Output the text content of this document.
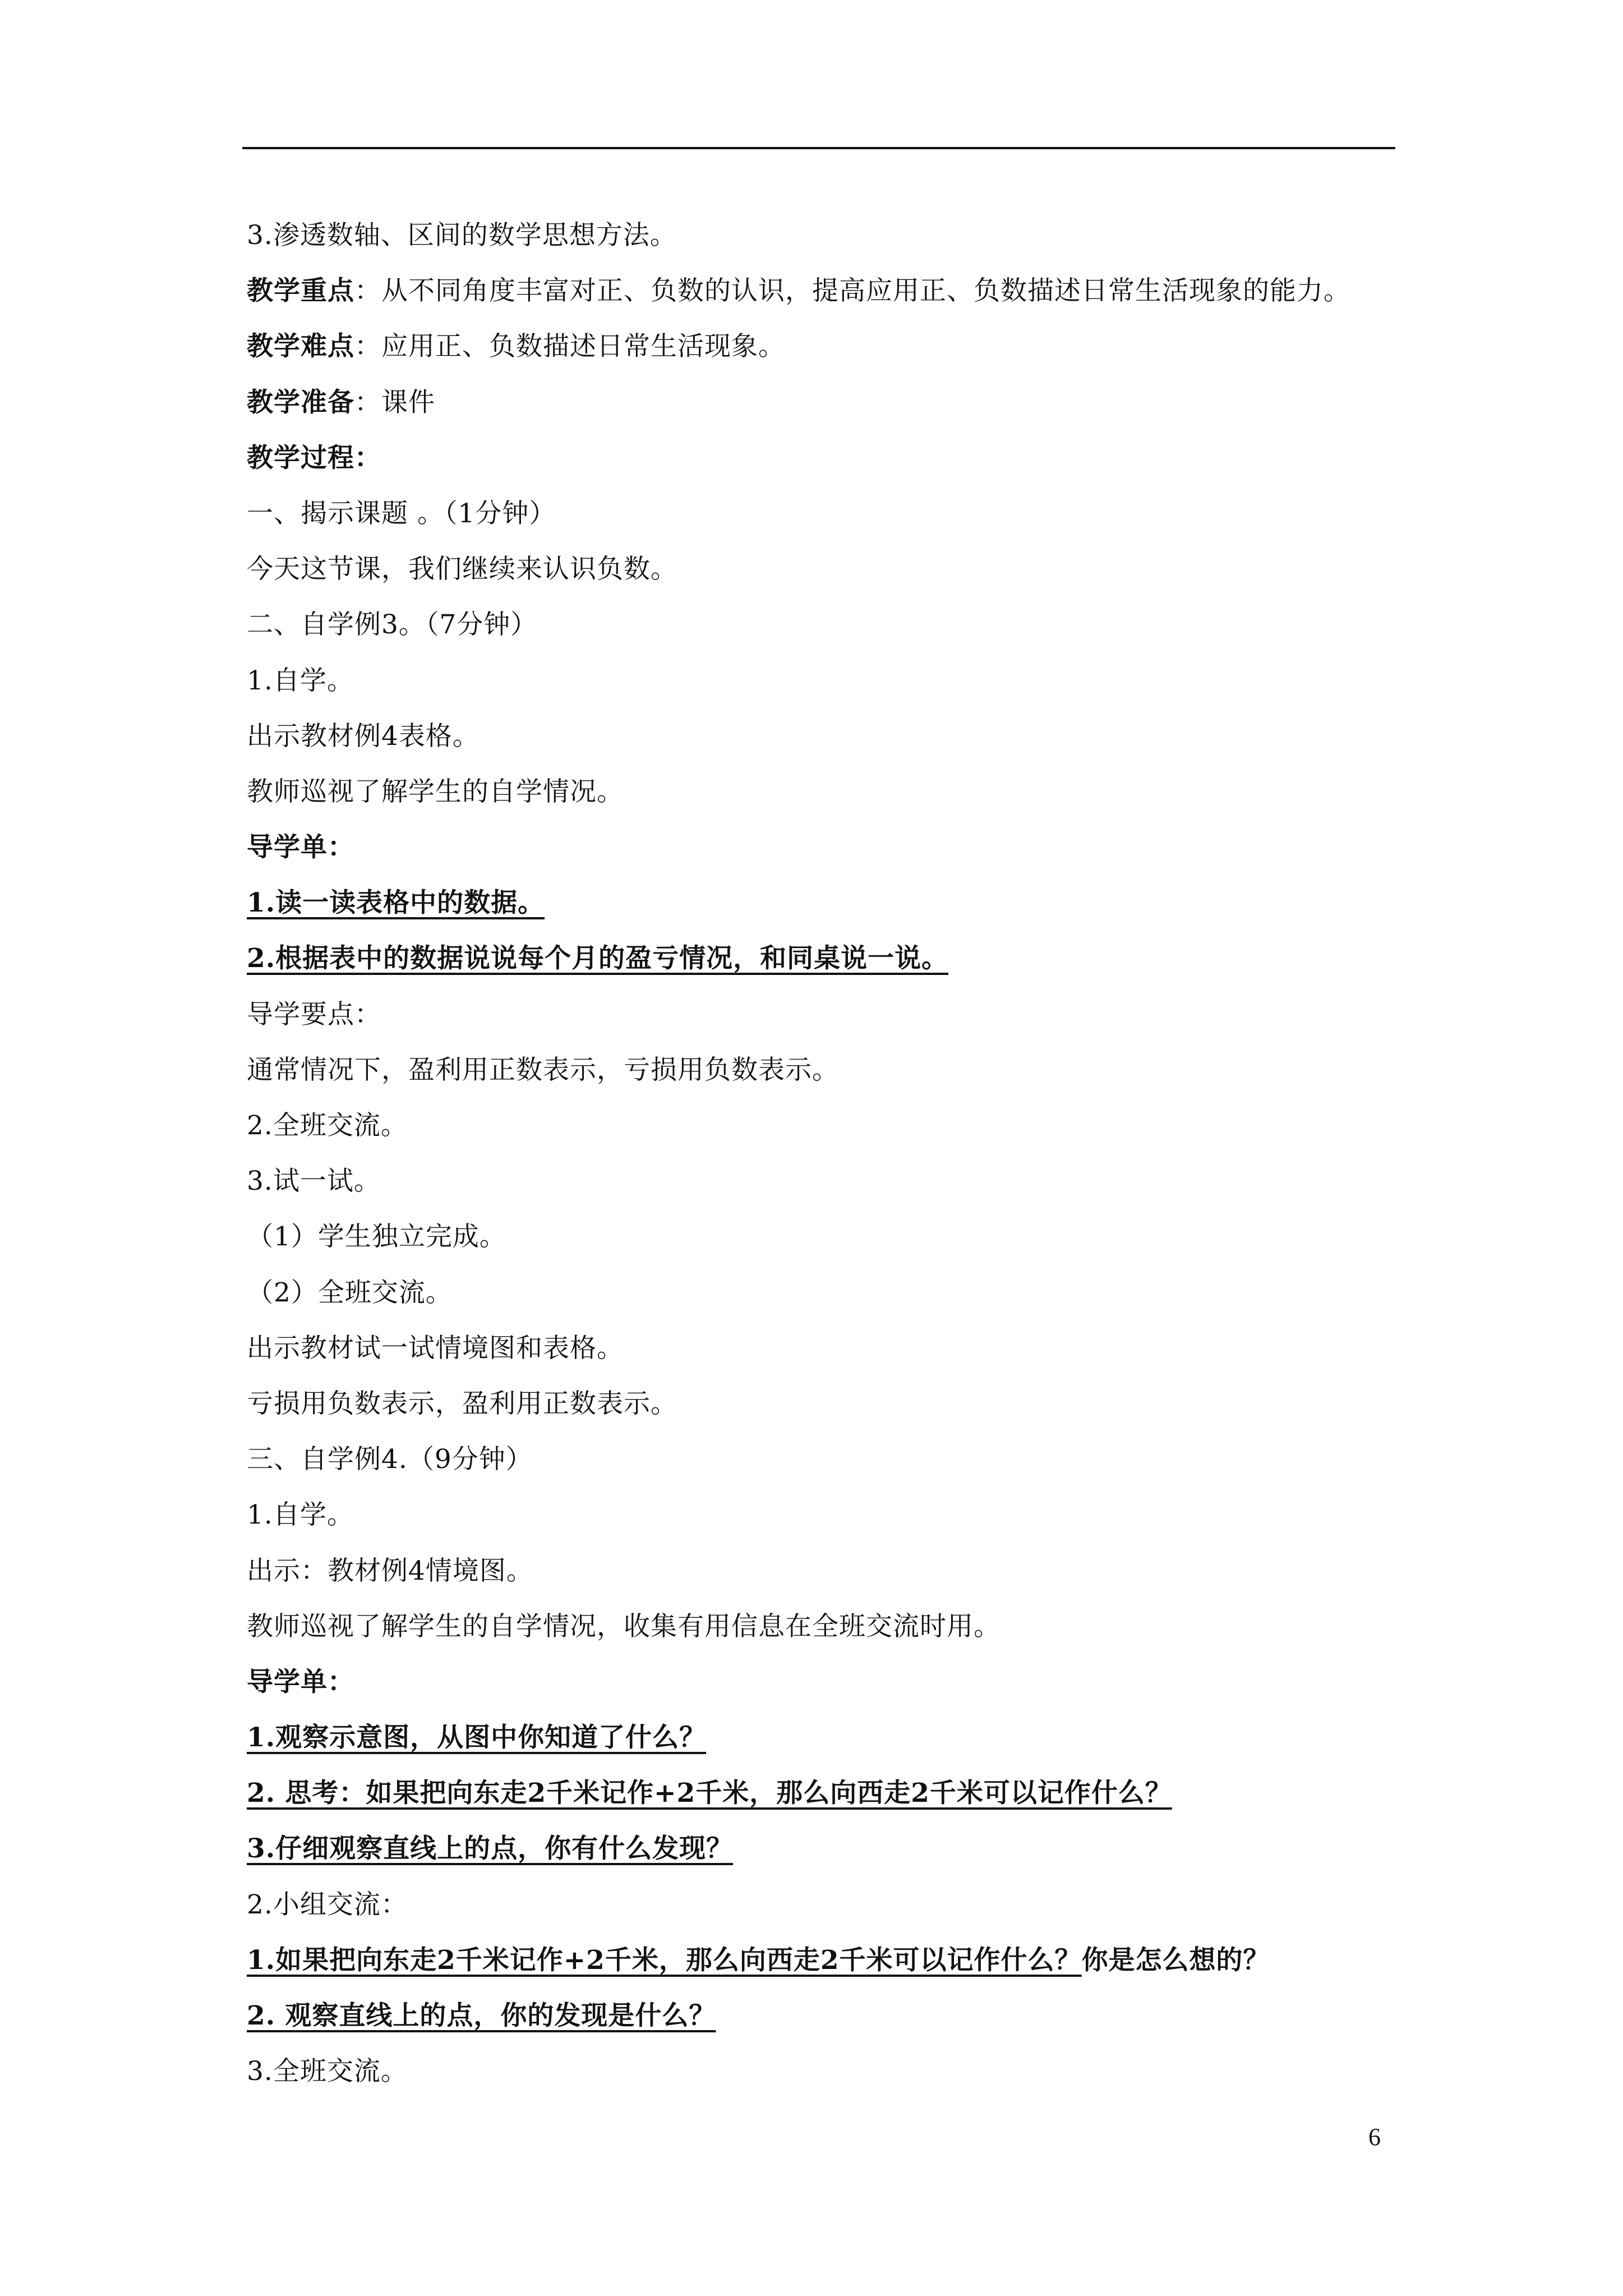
3.渗透数轴、区间的数学思想方法。
教学重点：从不同角度丰富对正、负数的认识，提高应用正、负数描述日常生活现象的能力。
教学难点：应用正、负数描述日常生活现象。
教学准备：课件
教学过程：
一、揭示课题 。（1分钟）
今天这节课，我们继续来认识负数。
二、自学例3。（7分钟）
1.自学。
出示教材例4表格。
教师巡视了解学生的自学情况。
导学单：
1.读一读表格中的数据。
2.根据表中的数据说说每个月的盈亏情况，和同桌说一说。
导学要点：
通常情况下，盈利用正数表示，亏损用负数表示。
2.全班交流。
3.试一试。
（1）学生独立完成。
（2）全班交流。
出示教材试一试情境图和表格。
亏损用负数表示，盈利用正数表示。
三、自学例4.（9分钟）
1.自学。
出示：教材例4情境图。
教师巡视了解学生的自学情况，收集有用信息在全班交流时用。
导学单：
1.观察示意图，从图中你知道了什么？
2. 思考：如果把向东走2千米记作+2千米，那么向西走2千米可以记作什么？
3.仔细观察直线上的点，你有什么发现？
2.小组交流：
1.如果把向东走2千米记作+2千米，那么向西走2千米可以记作什么？你是怎么想的？
2. 观察直线上的点，你的发现是什么？
3.全班交流。
6
